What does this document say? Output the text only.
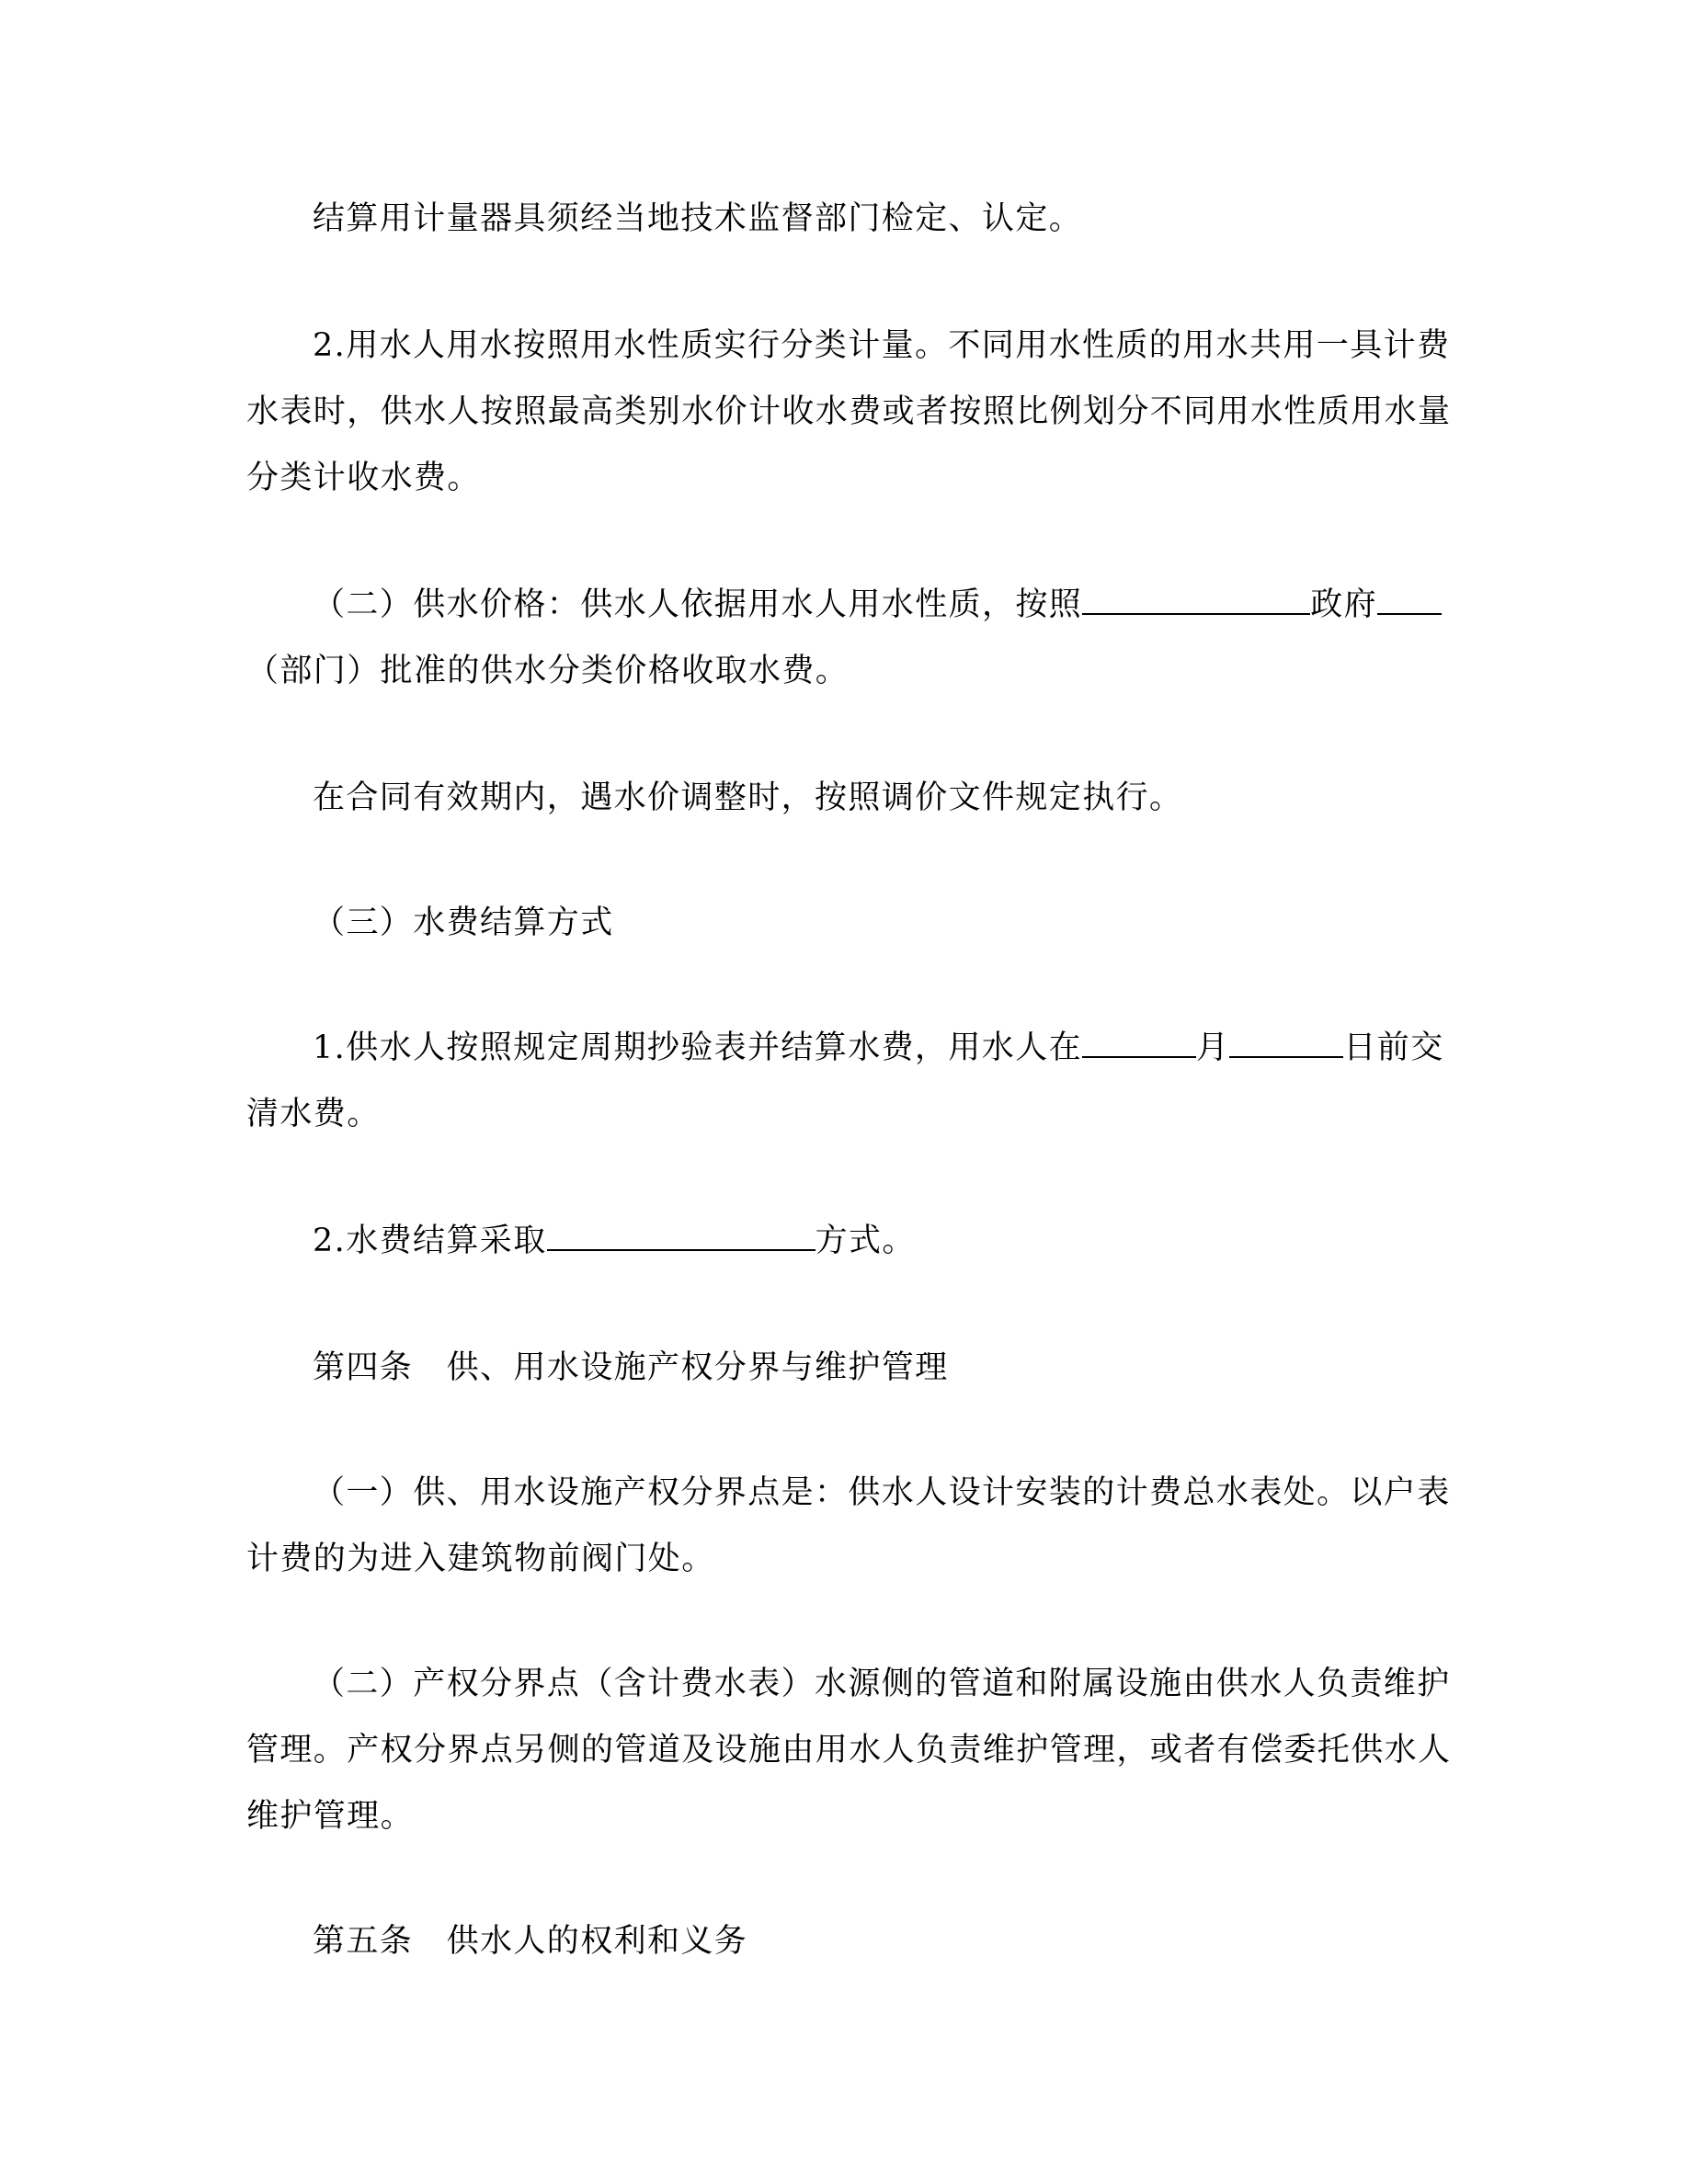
结算用计量器具须经当地技术监督部门检定、认定。
2.用水人用水按照用水性质实行分类计量。不同用水性质的用水共用一具计费
水表时，供水人按照最高类别水价计收水费或者按照比例划分不同用水性质用水量
分类计收水费。
（二）供水价格：供水人依据用水人用水性质，按照	政府
（部门）批准的供水分类价格收取水费。
在合同有效期内，遇水价调整时，按照调价文件规定执行。
（三）水费结算方式
1.供水人按照规定周期抄验表并结算水费，用水人在	月	日前交
清水费。
2.水费结算采取	方式。
第四条　供、用水设施产权分界与维护管理
（一）供、用水设施产权分界点是：供水人设计安装的计费总水表处。以户表
计费的为进入建筑物前阀门处。
（二）产权分界点（含计费水表）水源侧的管道和附属设施由供水人负责维护
管理。产权分界点另侧的管道及设施由用水人负责维护管理，或者有偿委托供水人
维护管理。
第五条　供水人的权利和义务
